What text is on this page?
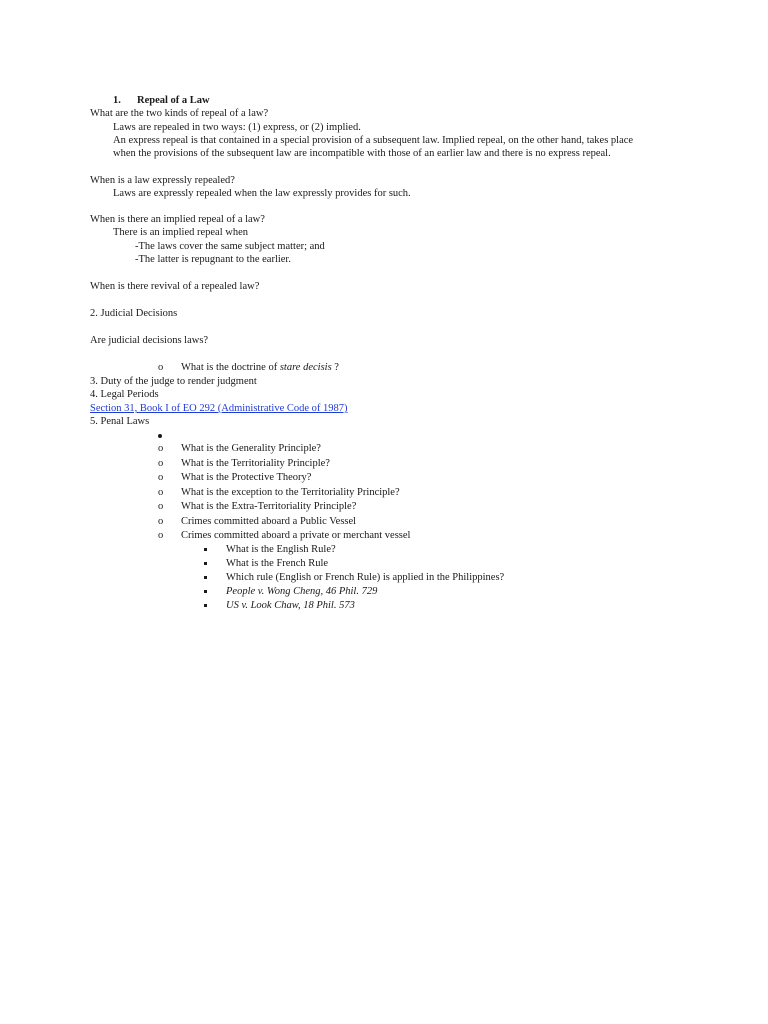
1. Repeal of a Law
What are the two kinds of repeal of a law?
Laws are repealed in two ways: (1) express, or (2) implied.
An express repeal is that contained in a special provision of a subsequent law. Implied repeal, on the other hand, takes place
when the provisions of the subsequent law are incompatible with those of an earlier law and there is no express repeal.
When is a law expressly repealed?
Laws are expressly repealed when the law expressly provides for such.
When is there an implied repeal of a law?
There is an implied repeal when
-The laws cover the same subject matter; and
-The latter is repugnant to the earlier.
When is there revival of a repealed law?
2. Judicial Decisions
Are judicial decisions laws?
o What is the doctrine of stare decisis ?
3. Duty of the judge to render judgment
4. Legal Periods
Section 31, Book I of EO 292 (Administrative Code of 1987)
5. Penal Laws
o What is the Generality Principle?
o What is the Territoriality Principle?
o What is the Protective Theory?
o What is the exception to the Territoriality Principle?
o What is the Extra-Territoriality Principle?
o Crimes committed aboard a Public Vessel
o Crimes committed aboard a private or merchant vessel
What is the English Rule?
What is the French Rule
Which rule (English or French Rule) is applied in the Philippines?
People v. Wong Cheng, 46 Phil. 729
US v. Look Chaw, 18 Phil. 573
